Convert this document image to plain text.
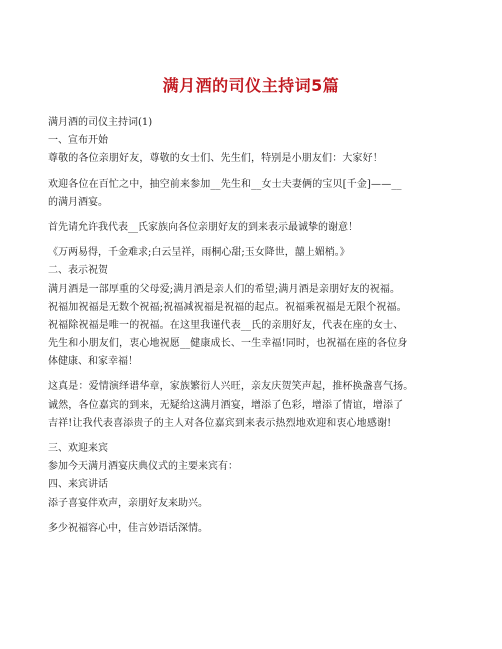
满月酒的司仪主持词5篇
满月酒的司仪主持词(1)
一、宣布开始
尊敬的各位亲朋好友，尊敬的女士们、先生们，特别是小朋友们：大家好！
欢迎各位在百忙之中，抽空前来参加__先生和__女士夫妻俩的宝贝[千金]——__
的满月酒宴。
首先请允许我代表__氏家族向各位亲朋好友的到来表示最诚挚的谢意！
《万两易得，千金难求;白云呈祥，雨桐心甜;玉女降世，囍上媚梢。》
二、表示祝贺
满月酒是一部厚重的父母爱;满月酒是亲人们的希望;满月酒是亲朋好友的祝福。
祝福加祝福是无数个祝福;祝福减祝福是祝福的起点。祝福乘祝福是无限个祝福。
祝福除祝福是唯一的祝福。在这里我谨代表__氏的亲朋好友，代表在座的女士、
先生和小朋友们，衷心地祝愿__健康成长、一生幸福!同时，也祝福在座的各位身
体健康、和家幸福！
这真是：爱情演绎谱华章，家族繁衍人兴旺，亲友庆贺笑声起，推杯换盏喜气扬。
诚然，各位嘉宾的到来，无疑给这满月酒宴，增添了色彩，增添了情谊，增添了
吉祥!让我代表喜添贵子的主人对各位嘉宾到来表示热烈地欢迎和衷心地感谢!
三、欢迎来宾
参加今天满月酒宴庆典仪式的主要来宾有：
四、来宾讲话
添子喜宴伴欢声，亲朋好友来助兴。
多少祝福容心中，佳言妙语话深情。
